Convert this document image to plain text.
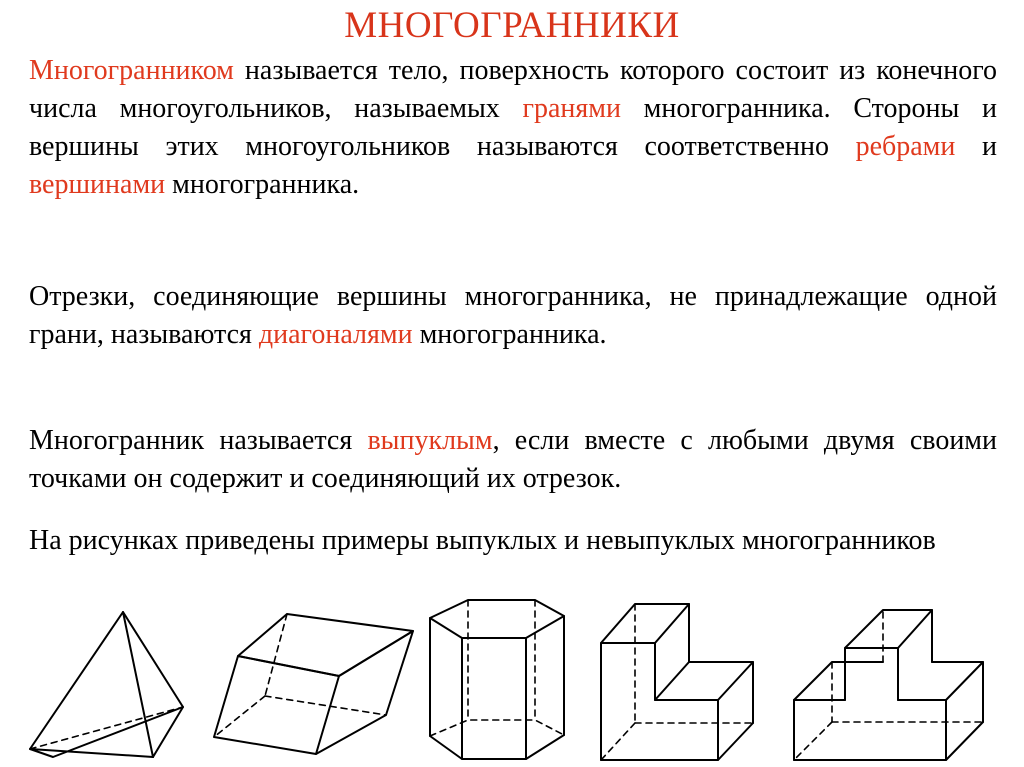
МНОГОГРАННИКИ

Многогранником называется тело, поверхность которого состоит из конечного числа многоугольников, называемых гранями многогранника. Стороны и вершины этих многоугольников называются соответственно ребрами и вершинами многогранника.

Отрезки, соединяющие вершины многогранника, не принадлежащие одной грани, называются диагоналями многогранника.

Многогранник называется выпуклым, если вместе с любыми двумя своими точками он содержит и соединяющий их отрезок.

На рисунках приведены примеры выпуклых и невыпуклых многогранников
